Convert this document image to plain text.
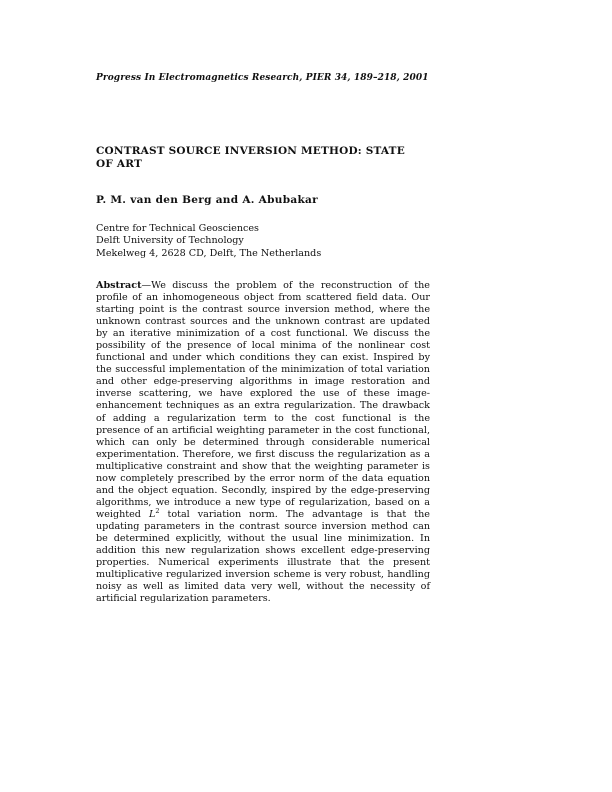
Progress In Electromagnetics Research, PIER 34, 189–218, 2001
CONTRAST SOURCE INVERSION METHOD: STATE OF ART
P. M. van den Berg and A. Abubakar
Centre for Technical Geosciences
Delft University of Technology
Mekelweg 4, 2628 CD, Delft, The Netherlands

Abstract—We discuss the problem of the reconstruction of the profile of an inhomogeneous object from scattered field data. Our starting point is the contrast source inversion method, where the unknown contrast sources and the unknown contrast are updated by an iterative minimization of a cost functional. We discuss the possibility of the presence of local minima of the nonlinear cost functional and under which conditions they can exist. Inspired by the successful implementation of the minimization of total variation and other edge-preserving algorithms in image restoration and inverse scattering, we have explored the use of these image-enhancement techniques as an extra regularization. The drawback of adding a regularization term to the cost functional is the presence of an artificial weighting parameter in the cost functional, which can only be determined through considerable numerical experimentation. Therefore, we first discuss the regularization as a multiplicative constraint and show that the weighting parameter is now completely prescribed by the error norm of the data equation and the object equation. Secondly, inspired by the edge-preserving algorithms, we introduce a new type of regularization, based on a weighted $L^2$ total variation norm. The advantage is that the updating parameters in the contrast source inversion method can be determined explicitly, without the usual line minimization. In addition this new regularization shows excellent edge-preserving properties. Numerical experiments illustrate that the present multiplicative regularized inversion scheme is very robust, handling noisy as well as limited data very well, without the necessity of artificial regularization parameters.
